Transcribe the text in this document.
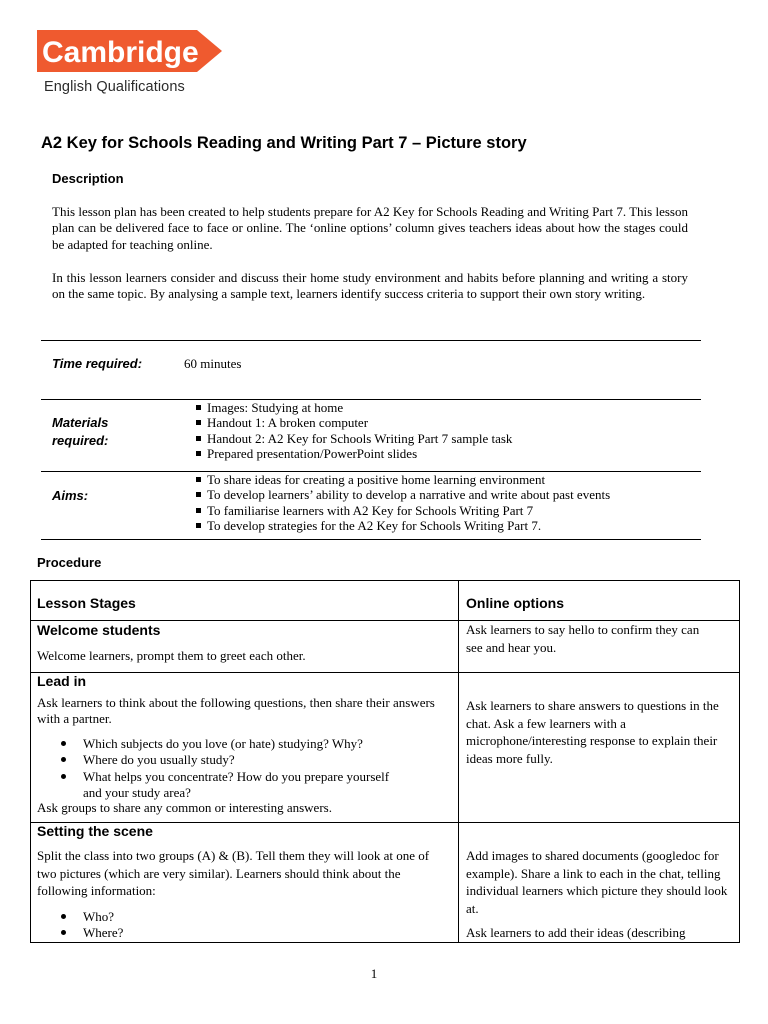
Cambridge
English Qualifications
A2 Key for Schools Reading and Writing Part 7 – Picture story
Description

This lesson plan has been created to help students prepare for A2 Key for Schools Reading and Writing Part 7. This lesson plan can be delivered face to face or online. The ‘online options’ column gives teachers ideas about how the stages could be adapted for teaching online.

In this lesson learners consider and discuss their home study environment and habits before planning and writing a story on the same topic. By analysing a sample text, learners identify success criteria to support their own story writing.

Time required:	60 minutes
Materials
required:
Images: Studying at home
Handout 1: A broken computer
Handout 2: A2 Key for Schools Writing Part 7 sample task
Prepared presentation/PowerPoint slides
Aims:
To share ideas for creating a positive home learning environment
To develop learners’ ability to develop a narrative and write about past events
To familiarise learners with A2 Key for Schools Writing Part 7
To develop strategies for the A2 Key for Schools Writing Part 7.
Procedure
Lesson Stages	Online options
Welcome students

Welcome learners, prompt them to greet each other.

Ask learners to say hello to confirm they can see and hear you.

Lead in

Ask learners to think about the following questions, then share their answers with a partner.

Which subjects do you love (or hate) studying? Why?
Where do you usually study?
What helps you concentrate? How do you prepare yourself and your study area?

Ask groups to share any common or interesting answers.

Ask learners to share answers to questions in the chat. Ask a few learners with a microphone/interesting response to explain their ideas more fully.

Setting the scene

Split the class into two groups (A) & (B). Tell them they will look at one of two pictures (which are very similar). Learners should think about the following information:

Who?
Where?

Add images to shared documents (googledoc for example). Share a link to each in the chat, telling individual learners which picture they should look at.

Ask learners to add their ideas (describing

1
